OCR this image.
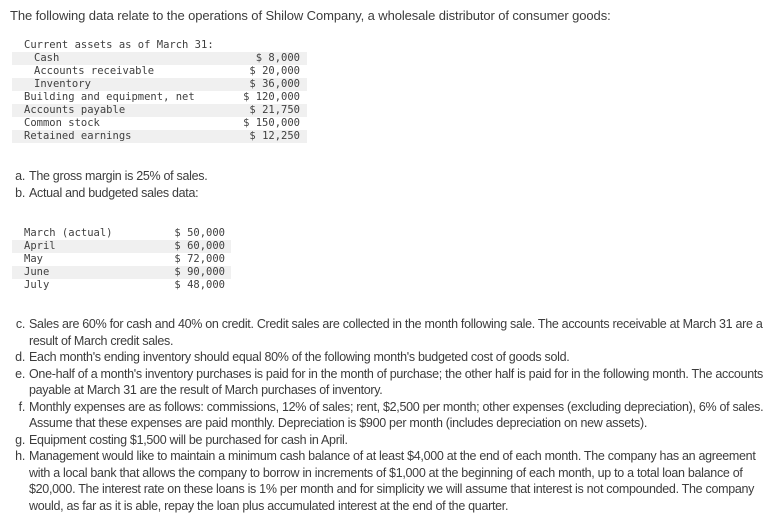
The following data relate to the operations of Shilow Company, a wholesale distributor of consumer goods:
Current assets as of March 31:
Cash	$ 8,000
Accounts receivable	$ 20,000
Inventory	$ 36,000
Building and equipment, net	$ 120,000
Accounts payable	$ 21,750
Common stock	$ 150,000
Retained earnings	$ 12,250
a. The gross margin is 25% of sales.
b. Actual and budgeted sales data:
March (actual)	$ 50,000
April	$ 60,000
May	$ 72,000
June	$ 90,000
July	$ 48,000
c. Sales are 60% for cash and 40% on credit. Credit sales are collected in the month following sale. The accounts receivable at March 31 are a result of March credit sales.
d. Each month's ending inventory should equal 80% of the following month's budgeted cost of goods sold.
e. One-half of a month's inventory purchases is paid for in the month of purchase; the other half is paid for in the following month. The accounts payable at March 31 are the result of March purchases of inventory.
f. Monthly expenses are as follows: commissions, 12% of sales; rent, $2,500 per month; other expenses (excluding depreciation), 6% of sales. Assume that these expenses are paid monthly. Depreciation is $900 per month (includes depreciation on new assets).
g. Equipment costing $1,500 will be purchased for cash in April.
h. Management would like to maintain a minimum cash balance of at least $4,000 at the end of each month. The company has an agreement with a local bank that allows the company to borrow in increments of $1,000 at the beginning of each month, up to a total loan balance of $20,000. The interest rate on these loans is 1% per month and for simplicity we will assume that interest is not compounded. The company would, as far as it is able, repay the loan plus accumulated interest at the end of the quarter.
